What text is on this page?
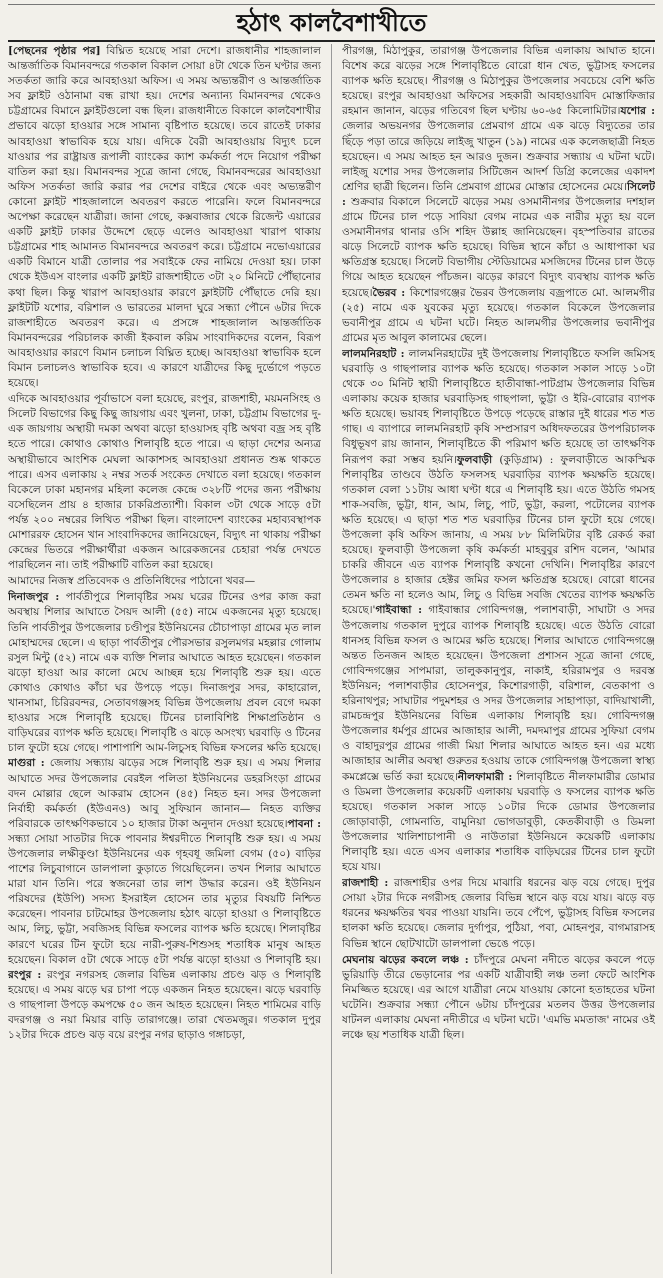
হঠাৎ কালবৈশাখীতে

[পেছনের পৃষ্ঠার পর] বিঘ্নিত হয়েছে সারা দেশে। রাজধানীর শাহজালাল আন্তর্জাতিক বিমানবন্দরে গতকাল বিকাল সোয়া ৪টা থেকে তিন ঘণ্টার জন্য সতর্কতা জারি করে আবহাওয়া অফিস। এ সময় অভ্যন্তরীণ ও আন্তর্জাতিক সব ফ্লাইট ওঠানামা বন্ধ রাখা হয়। দেশের অন্যান্য বিমানবন্দর থেকেও চট্টগ্রামের বিমানে ফ্লাইটগুলো বন্ধ ছিল। রাজধানীতে বিকালে কালবৈশাখীর প্রভাবে ঝড়ো হাওয়ার সঙ্গে সামান্য বৃষ্টিপাত হয়েছে। তবে রাতেই ঢাকার আবহাওয়া স্বাভাবিক হয়ে যায়। এদিকে বৈরী আবহাওয়ায় বিদ্যুৎ চলে যাওয়ার পর রাষ্ট্রায়ত্ত রূপালী ব্যাংকের ক্যাশ কর্মকর্তা পদে নিয়োগ পরীক্ষা বাতিল করা হয়। বিমানবন্দর সূত্রে জানা গেছে, বিমানবন্দরের আবহাওয়া অফিস সতর্কতা জারি করার পর দেশের বাইরে থেকে এবং অভ্যন্তরীণ কোনো ফ্লাইট শাহজালালে অবতরণ করতে পারেনি। ফলে বিমানবন্দরে অপেক্ষা করেছেন যাত্রীরা। জানা গেছে, কক্সবাজার থেকে রিজেন্ট এয়ারের একটি ফ্লাইট ঢাকার উদ্দেশে ছেড়ে এলেও আবহাওয়া খারাপ থাকায় চট্টগ্রামের শাহ আমানত বিমানবন্দরে অবতরণ করে। চট্টগ্রামে নভোএয়ারের একটি বিমানে যাত্রী তোলার পর সবাইকে ফের নামিয়ে দেওয়া হয়। ঢাকা থেকে ইউএস বাংলার একটি ফ্লাইট রাজশাহীতে ৩টা ২০ মিনিটে পৌঁছানোর কথা ছিল। কিন্তু খারাপ আবহাওয়ার কারণে ফ্লাইটটি পৌঁছাতে দেরি হয়। ফ্লাইটটি যশোর, বরিশাল ও ভারতের মালদা ঘুরে সন্ধ্যা পৌনে ৬টার দিকে রাজশাহীতে অবতরণ করে। এ প্রসঙ্গে শাহজালাল আন্তর্জাতিক বিমানবন্দরের পরিচালক কাজী ইকবাল করিম সাংবাদিকদের বলেন, বিরূপ আবহাওয়ার কারণে বিমান চলাচল বিঘ্নিত হচ্ছে। আবহাওয়া স্বাভাবিক হলে বিমান চলাচলও স্বাভাবিক হবে। এ কারণে যাত্রীদের কিছু দুর্ভোগে পড়তে হয়েছে।

এদিকে আবহাওয়ার পূর্বাভাসে বলা হয়েছে, রংপুর, রাজশাহী, ময়মনসিংহ ও সিলেট বিভাগের কিছু কিছু জায়গায় এবং খুলনা, ঢাকা, চট্টগ্রাম বিভাগের দু-এক জায়গায় অস্থায়ী দমকা অথবা ঝড়ো হাওয়াসহ বৃষ্টি অথবা বজ্র সহ বৃষ্টি হতে পারে। কোথাও কোথাও শিলাবৃষ্টি হতে পারে। এ ছাড়া দেশের অন্যত্র অস্থায়ীভাবে আংশিক মেঘলা আকাশসহ আবহাওয়া প্রধানত শুষ্ক থাকতে পারে। এসব এলাকায় ২ নম্বর সতর্ক সংকেত দেখাতে বলা হয়েছে। গতকাল বিকেলে ঢাকা মহানগর মহিলা কলেজ কেন্দ্রে ৩২৮টি পদের জন্য পরীক্ষায় বসেছিলেন প্রায় ৪ হাজার চাকরিপ্রত্যাশী। বিকাল ৩টা থেকে সাড়ে ৫টা পর্যন্ত ২০০ নম্বরের লিখিত পরীক্ষা ছিল। বাংলাদেশ ব্যাংকের মহাব্যবস্থাপক মোশাররফ হোসেন খান সাংবাদিকদের জানিয়েছেন, বিদ্যুৎ না থাকায় পরীক্ষা কেন্দ্রের ভিতরে পরীক্ষার্থীরা একজন আরেকজনের চেহারা পর্যন্ত দেখতে পারছিলেন না। তাই পরীক্ষাটি বাতিল করা হয়েছে।

আমাদের নিজস্ব প্রতিবেদক ও প্রতিনিধিদের পাঠানো খবর—

দিনাজপুর : পার্বতীপুরে শিলাবৃষ্টির সময় ঘরের টিনের ওপর কাজ করা অবস্থায় শিলার আঘাতে সৈয়দ আলী (৫৫) নামে একজনের মৃত্যু হয়েছে। তিনি পার্বতীপুর উপজেলার চণ্ডীপুর ইউনিয়নের চৌচাপাড়া গ্রামের মৃত লাল মোহাম্মদের ছেলে। এ ছাড়া পার্বতীপুর পৌরসভার রসুলমগর মহল্লার গোলাম রসুল মিন্টু (৫২) নামে এক ব্যক্তি শিলার আঘাতে আহত হয়েছেন। গতকাল ঝড়ো হাওয়া আর কালো মেঘে আচ্ছন্ন হয়ে শিলাবৃষ্টি শুরু হয়। এতে কোথাও কোথাও কাঁচা ঘর উপড়ে পড়ে। দিনাজপুর সদর, কাহারোল, খানসামা, চিরিরবন্দর, সেতাবগঞ্জসহ বিভিন্ন উপজেলায় প্রবল বেগে দমকা হাওয়ার সঙ্গে শিলাবৃষ্টি হয়েছে। টিনের চালাবিশিষ্ট শিক্ষাপ্রতিষ্ঠান ও বাড়িঘরের ব্যাপক ক্ষতি হয়েছে। শিলাবৃষ্টি ও ঝড়ে অসংখ্য ঘরবাড়ি ও টিনের চাল ফুটো হয়ে গেছে। পাশাপাশি আম-লিচুসহ বিভিন্ন ফসলের ক্ষতি হয়েছে।মাগুরা : জেলায় সন্ধ্যায় ঝড়ের সঙ্গে শিলাবৃষ্টি শুরু হয়। এ সময় শিলার আঘাতে সদর উপজেলার বেরইল পলিতা ইউনিয়নের ডহরসিংড়া গ্রামের বদন মোল্লার ছেলে আকরাম হোসেন (৪৫) নিহত হন। সদর উপজেলা নির্বাহী কর্মকর্তা (ইউএনও) আবু সুফিয়ান জানান— নিহত ব্যক্তির পরিবারকে তাৎক্ষণিকভাবে ১০ হাজার টাকা অনুদান দেওয়া হয়েছে।পাবনা : সন্ধ্যা সোয়া সাতটার দিকে পাবনার ঈশ্বরদীতে শিলাবৃষ্টি শুরু হয়। এ সময় উপজেলার লক্ষীকুণ্ডা ইউনিয়নের এক গৃহবধূ জমিলা বেগম (৫০) বাড়ির পাশের লিচুবাগানে ডালপালা কুড়াতে গিয়েছিলেন। তখন শিলার আঘাতে মারা যান তিনি। পরে স্বজনেরা তার লাশ উদ্ধার করেন। ওই ইউনিয়ন পরিষদের (ইউপি) সদস্য ইসরাইল হোসেন তার মৃত্যুর বিষয়টি নিশ্চিত করেছেন। পাবনার চাটমোহর উপজেলায় হঠাৎ ঝড়ো হাওয়া ও শিলাবৃষ্টিতে আম, লিচু, ভুট্টা, সবজিসহ বিভিন্ন ফসলের ব্যাপক ক্ষতি হয়েছে। শিলাবৃষ্টির কারণে ঘরের টিন ফুটো হয়ে নারী-পুরুষ-শিশুসহ শতাধিক মানুষ আহত হয়েছেন। বিকাল ৫টা থেকে সাড়ে ৫টা পর্যন্ত ঝড়ো হাওয়া ও শিলাবৃষ্টি হয়।রংপুর : রংপুর নগরসহ জেলার বিভিন্ন এলাকায় প্রচণ্ড ঝড় ও শিলাবৃষ্টি হয়েছে। এ সময় ঝড়ে ঘর চাপা পড়ে একজন নিহত হয়েছেন। ঝড়ে ঘরবাড়ি ও গাছপালা উপড়ে কমপক্ষে ৫০ জন আহত হয়েছেন। নিহত শামিমের বাড়ি বদরগঞ্জ ও নয়া মিয়ার বাড়ি তারাগঞ্জে। তারা খেতমজুর। গতকাল দুপুর ১২টার দিকে প্রচণ্ড ঝড় বয়ে রংপুর নগর ছাড়াও গঙ্গাচড়া,

পীরগঞ্জ, মিঠাপুকুর, তারাগঞ্জ উপজেলার বিভিন্ন এলাকায় আঘাত হানে। বিশেষ করে ঝড়ের সঙ্গে শিলাবৃষ্টিতে বোরো ধান খেত, ভুট্টাসহ ফসলের ব্যাপক ক্ষতি হয়েছে। পীরগঞ্জ ও মিঠাপুকুর উপজেলার সবচেয়ে বেশি ক্ষতি হয়েছে। রংপুর আবহাওয়া অফিসের সহকারী আবহাওয়াবিদ মোস্তাফিজার রহমান জানান, ঝড়ের গতিবেগ ছিল ঘণ্টায় ৬০-৬৫ কিলোমিটার।যশোর : জেলার অভয়নগর উপজেলার প্রেমবাগ গ্রামে এক ঝড়ে বিদ্যুতের তার ছিঁড়ে পড়া তারে জড়িয়ে লাইজু খাতুন (১৯) নামের এক কলেজছাত্রী নিহত হয়েছেন। এ সময় আহত হন আরও দুজন। শুক্রবার সন্ধ্যায় এ ঘটনা ঘটে। লাইজু যশোর সদর উপজেলার সিটিজেন আদর্শ ডিগ্রি কলেজের একাদশ শ্রেণির ছাত্রী ছিলেন। তিনি প্রেমবাগ গ্রামের মোস্তার হোসেনের মেয়ে।সিলেট : শুক্রবার বিকালে সিলেটে ঝড়ের সময় ওসমানীনগর উপজেলার দশহাল গ্রামে টিনের চাল পড়ে সাবিয়া বেগম নামের এক নারীর মৃত্যু হয় বলে ওসমানীনগর থানার ওসি শহিদ উল্লাহ জানিয়েছেন। বৃহস্পতিবার রাতের ঝড়ে সিলেটে ব্যাপক ক্ষতি হয়েছে। বিভিন্ন স্থানে কাঁচা ও আধাপাকা ঘর ক্ষতিগ্রস্ত হয়েছে। সিলেট বিভাগীয় স্টেডিয়ামের মসজিদের টিনের চাল উড়ে গিয়ে আহত হয়েছেন পাঁচজন। ঝড়ের কারণে বিদ্যুৎ ব্যবস্থায় ব্যাপক ক্ষতি হয়েছে।ভৈরব : কিশোরগঞ্জের ভৈরব উপজেলায় বজ্রপাতে মো. আলমগীর (২৫) নামে এক যুবকের মৃত্যু হয়েছে। গতকাল বিকেলে উপজেলার ভবানীপুর গ্রামে এ ঘটনা ঘটে। নিহত আলমগীর উপজেলার ভবানীপুর গ্রামের মৃত আবুল কালামের ছেলে।

লালমনিরহাট : লালমনিরহাটের দুই উপজেলায় শিলাবৃষ্টিতে ফসলি জমিসহ ঘরবাড়ি ও গাছপালার ব্যাপক ক্ষতি হয়েছে। গতকাল সকাল সাড়ে ১০টা থেকে ৩০ মিনিট স্থায়ী শিলাবৃষ্টিতে হাতীবান্ধা-পাটগ্রাম উপজেলার বিভিন্ন এলাকায় কয়েক হাজার ঘরবাড়িসহ গাছপালা, ভুট্টা ও ইরি-বোরোর ব্যাপক ক্ষতি হয়েছে। ভয়াবহ শিলাবৃষ্টিতে উপড়ে পড়েছে রাস্তার দুই ধারের শত শত গাছ। এ ব্যাপারে লালমনিরহাট কৃষি সম্প্রসারণ অধিদফতরের উপপরিচালক বিধুভূষণ রায় জানান, শিলাবৃষ্টিতে কী পরিমাণ ক্ষতি হয়েছে তা তাৎক্ষণিক নিরূপণ করা সম্ভব হয়নি।ফুলবাড়ী (কুড়িগ্রাম) : ফুলবাড়ীতে আকস্মিক শিলাবৃষ্টির তাণ্ডবে উঠতি ফসলসহ ঘরবাড়ির ব্যাপক ক্ষয়ক্ষতি হয়েছে। গতকাল বেলা ১১টায় আধা ঘণ্টা ধরে এ শিলাবৃষ্টি হয়। এতে উঠতি গমসহ শাক-সবজি, ভুট্টা, ধান, আম, লিচু, পাট, ভুট্টা, করলা, পটোলের ব্যাপক ক্ষতি হয়েছে। এ ছাড়া শত শত ঘরবাড়ির টিনের চাল ফুটো হয়ে গেছে। উপজেলা কৃষি অফিস জানায়, এ সময় ৮৮ মিলিমিটার বৃষ্টি রেকর্ড করা হয়েছে। ফুলবাড়ী উপজেলা কৃষি কর্মকর্তা মাহবুবুর রশিদ বলেন, 'আমার চাকরি জীবনে এত ব্যাপক শিলাবৃষ্টি কখনো দেখিনি। শিলাবৃষ্টির কারণে উপজেলার ৪ হাজার হেক্টর জমির ফসল ক্ষতিগ্রস্ত হয়েছে। বোরো ধানের তেমন ক্ষতি না হলেও আম, লিচু ও বিভিন্ন সবজি খেতের ব্যাপক ক্ষয়ক্ষতি হয়েছে।'গাইবান্ধা : গাইবান্ধার গোবিন্দগঞ্জ, পলাশবাড়ী, সাঘাটা ও সদর উপজেলায় গতকাল দুপুরে ব্যাপক শিলাবৃষ্টি হয়েছে। এতে উঠতি বোরো ধানসহ বিভিন্ন ফসল ও আমের ক্ষতি হয়েছে। শিলার আঘাতে গোবিন্দগঞ্জে অন্তত তিনজন আহত হয়েছেন। উপজেলা প্রশাসন সূত্রে জানা গেছে, গোবিন্দগঞ্জের সাপমারা, তালুককানুপুর, নাকাই, হরিরামপুর ও দরবস্ত ইউনিয়ন; পলাশবাড়ীর হোসেনপুর, কিশোরগাড়ী, বরিশাল, বেতকাপা ও হরিনাথপুর; সাঘাটার পদুমশহর ও সদর উপজেলার সাহাপাড়া, বাদিয়াখালী, রামচন্দ্রপুর ইউনিয়নের বিভিন্ন এলাকায় শিলাবৃষ্টি হয়। গোবিন্দগঞ্জ উপজেলার ধর্মপুর গ্রামের আজাহার আলী, দমদমাপুর গ্রামের সুফিয়া বেগম ও বাহাদুরপুর গ্রামের গাজী মিয়া শিলার আঘাতে আহত হন। এর মধ্যে আজাহার আলীর অবস্থা গুরুতর হওয়ায় তাকে গোবিন্দগঞ্জ উপজেলা স্বাস্থ্য কমপ্লেক্সে ভর্তি করা হয়েছে।নীলফামারী : শিলাবৃষ্টিতে নীলফামারীর ডোমার ও ডিমলা উপজেলার কয়েকটি এলাকায় ঘরবাড়ি ও ফসলের ব্যাপক ক্ষতি হয়েছে। গতকাল সকাল সাড়ে ১০টার দিকে ডোমার উপজেলার জোড়াবাড়ী, গোমনাতি, বামুনিয়া ভোগডাবুড়ী, কেতকীবাড়ী ও ডিমলা উপজেলার খালিশাচাপানী ও নাউতারা ইউনিয়নে কয়েকটি এলাকায় শিলাবৃষ্টি হয়। এতে এসব এলাকার শতাধিক বাড়িঘরের টিনের চাল ফুটো হয়ে যায়।

রাজশাহী : রাজশাহীর ওপর দিয়ে মাঝারি ধরনের ঝড় বয়ে গেছে। দুপুর সোয়া ২টার দিকে নগরীসহ জেলার বিভিন্ন স্থানে ঝড় বয়ে যায়। ঝড়ে বড় ধরনের ক্ষয়ক্ষতির খবর পাওয়া যায়নি। তবে পেঁপে, ভুট্টাসহ বিভিন্ন ফসলের হালকা ক্ষতি হয়েছে। জেলার দুর্গাপুর, পুঠিয়া, পবা, মোহনপুর, বাগমারাসহ বিভিন্ন স্থানে ছোটখাটো ডালপালা ভেঙে পড়ে।

মেঘনায় ঝড়ের কবলে লঞ্চ : চাঁদপুরে মেঘনা নদীতে ঝড়ের কবলে পড়ে ভুরিয়াড়ি তীরে ভেড়ানোর পর একটি যাত্রীবাহী লঞ্চ তলা ফেটে আংশিক নিমজ্জিত হয়েছে। এর আগে যাত্রীরা নেমে যাওয়ায় কোনো হতাহতের ঘটনা ঘটেনি। শুক্রবার সন্ধ্যা পৌনে ৬টায় চাঁদপুরের মতলব উত্তর উপজেলার ষাটনল এলাকায় মেঘনা নদীতীরে এ ঘটনা ঘটে। 'এমভি মমতাজ' নামের ওই লঞ্চে ছয় শতাধিক যাত্রী ছিল।
